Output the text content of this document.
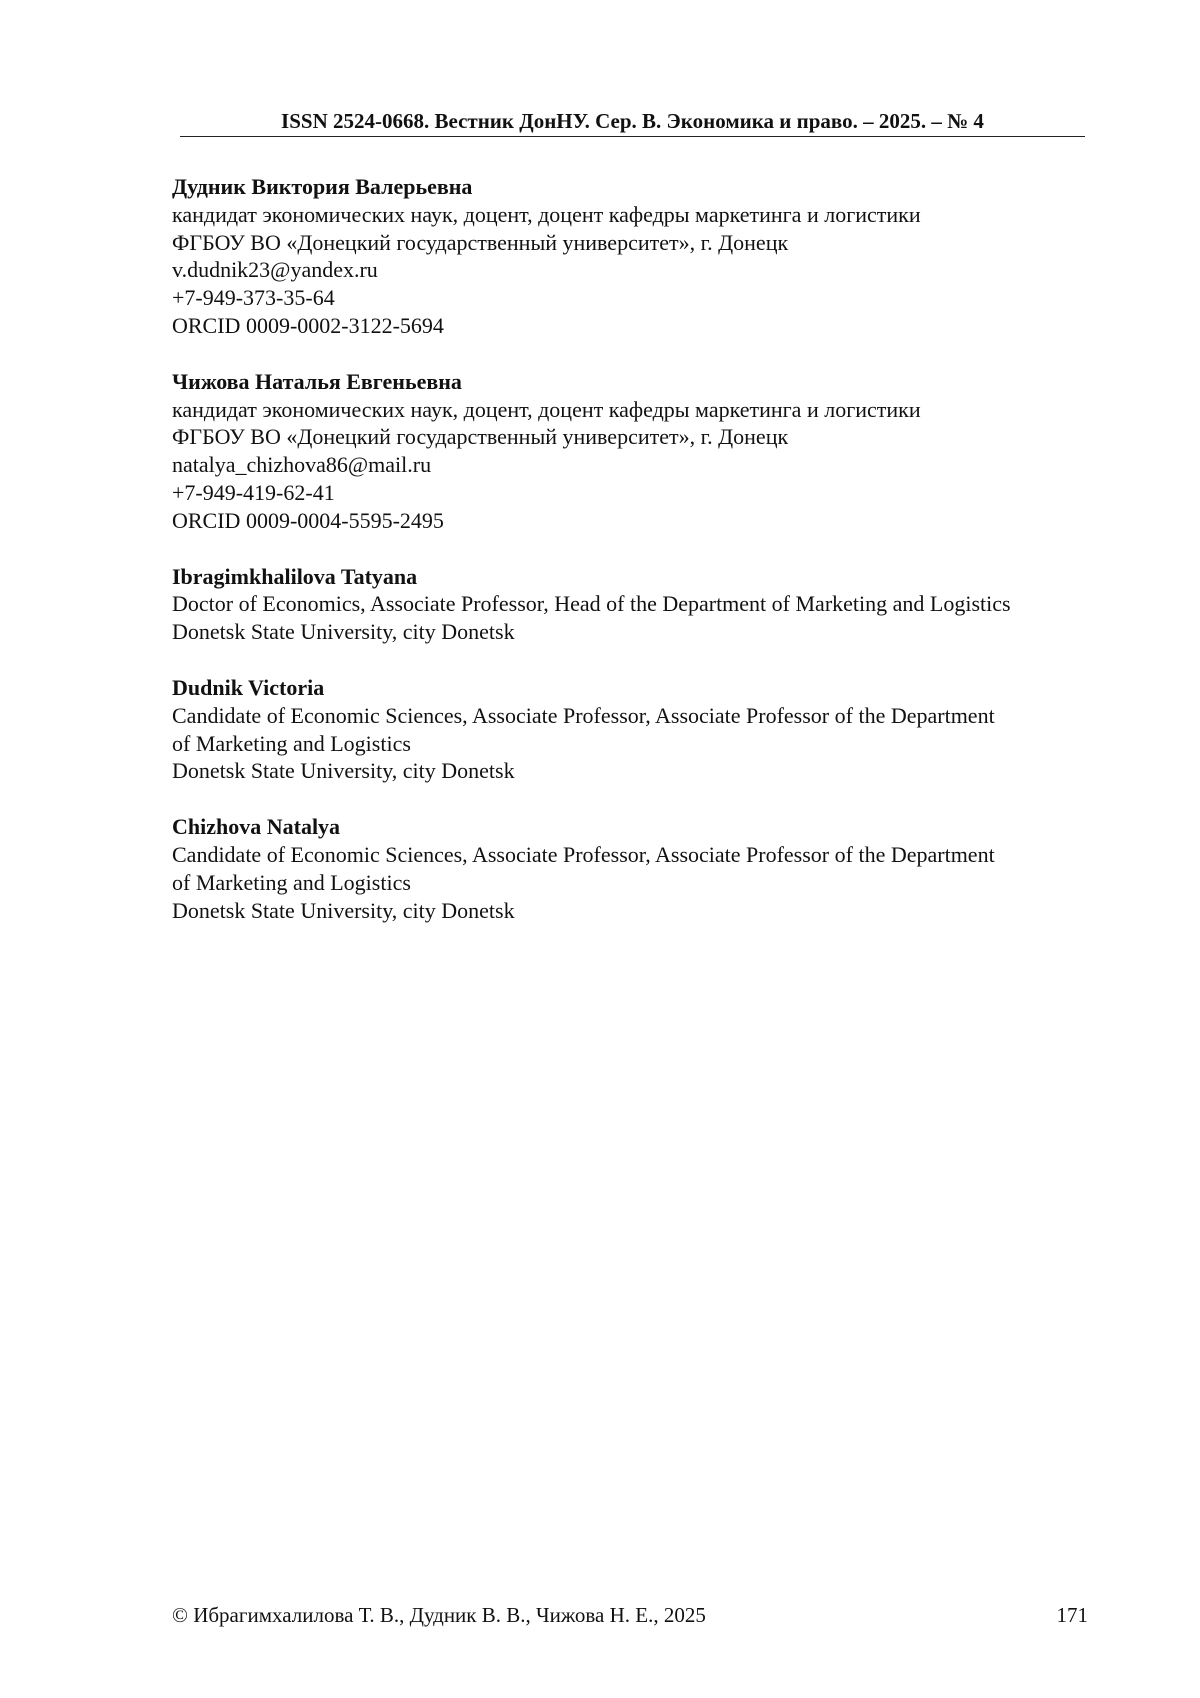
ISSN 2524-0668. Вестник ДонНУ. Сер. В. Экономика и право. – 2025. – № 4
Дудник Виктория Валерьевна
кандидат экономических наук, доцент, доцент кафедры маркетинга и логистики
ФГБОУ ВО «Донецкий государственный университет», г. Донецк
v.dudnik23@yandex.ru
+7-949-373-35-64
ORCID 0009-0002-3122-5694
Чижова Наталья Евгеньевна
кандидат экономических наук, доцент, доцент кафедры маркетинга и логистики
ФГБОУ ВО «Донецкий государственный университет», г. Донецк
natalya_chizhova86@mail.ru
+7-949-419-62-41
ORCID 0009-0004-5595-2495
Ibragimkhalilova Tatyana
Doctor of Economics, Associate Professor, Head of the Department of Marketing and Logistics
Donetsk State University, city Donetsk
Dudnik Victoria
Candidate of Economic Sciences, Associate Professor, Associate Professor of the Department
of Marketing and Logistics
Donetsk State University, city Donetsk
Chizhova Natalya
Candidate of Economic Sciences, Associate Professor, Associate Professor of the Department
of Marketing and Logistics
Donetsk State University, city Donetsk
© Ибрагимхалилова Т. В., Дудник В. В., Чижова Н. Е., 2025	171
